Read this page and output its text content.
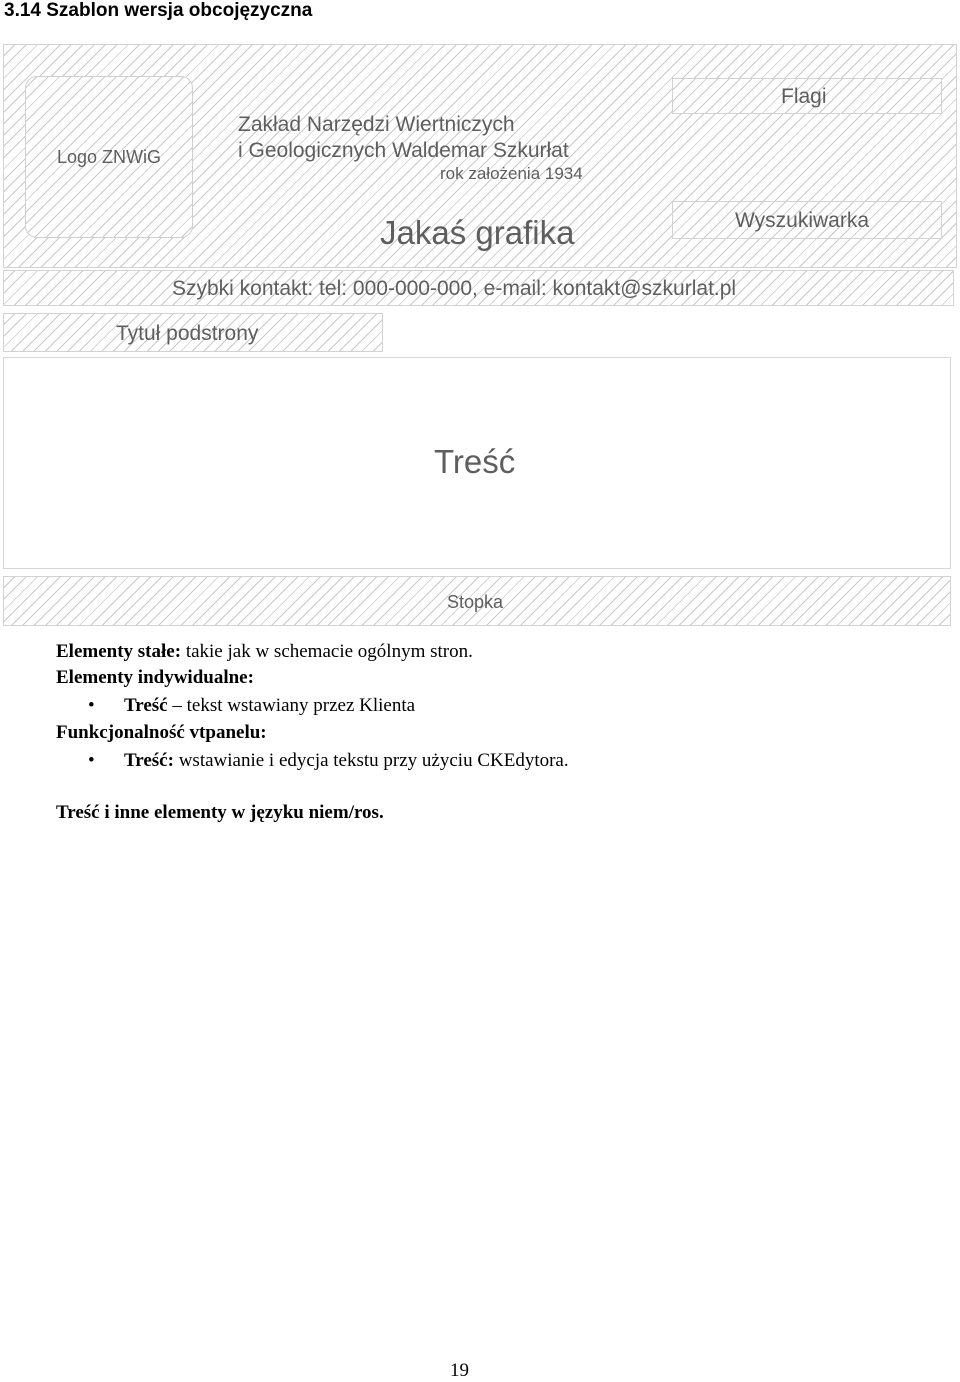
3.14 Szablon wersja obcojęzyczna
Logo ZNWiG
Zakład Narzędzi Wiertniczych
i Geologicznych Waldemar Szkurłat
rok założenia 1934
Jakaś grafika
Flagi
Wyszukiwarka
Szybki kontakt: tel: 000-000-000, e-mail: kontakt@szkurlat.pl
Tytuł podstrony
Treść
Stopka
Elementy stałe: takie jak w schemacie ogólnym stron.
Elementy indywidualne:
• Treść – tekst wstawiany przez Klienta
Funkcjonalność vtpanelu:
• Treść: wstawianie i edycja tekstu przy użyciu CKEdytora.
Treść i inne elementy w języku niem/ros.
19
